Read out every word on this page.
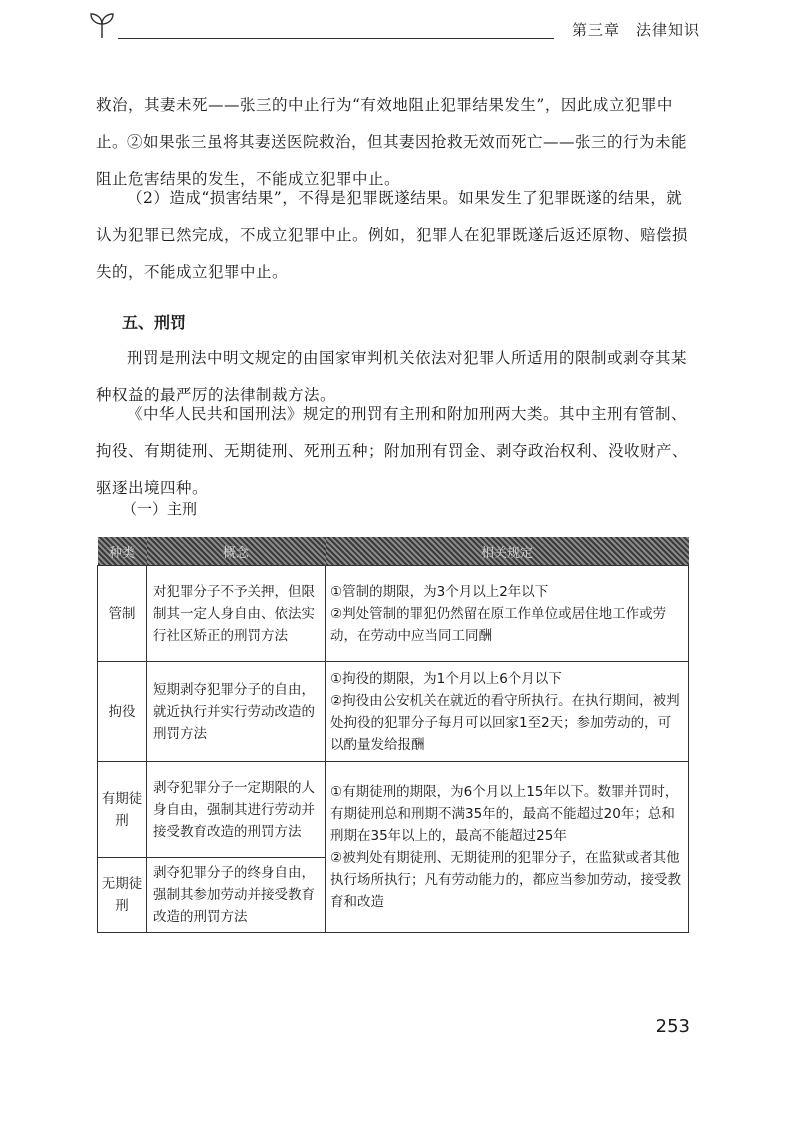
第三章　法律知识

救治，其妻未死——张三的中止行为“有效地阻止犯罪结果发生”，因此成立犯罪中止。

②如果张三虽将其妻送医院救治，但其妻因抢救无效而死亡——张三的行为未能阻止危害结果的发生，不能成立犯罪中止。

（2）造成“损害结果”，不得是犯罪既遂结果。如果发生了犯罪既遂的结果，就认为犯罪已然完成，不成立犯罪中止。例如，犯罪人在犯罪既遂后返还原物、赔偿损失的，不能成立犯罪中止。

五、刑罚

刑罚是刑法中明文规定的由国家审判机关依法对犯罪人所适用的限制或剥夺其某种权益的最严厉的法律制裁方法。

《中华人民共和国刑法》规定的刑罚有主刑和附加刑两大类。其中主刑有管制、拘役、有期徒刑、无期徒刑、死刑五种；附加刑有罚金、剥夺政治权利、没收财产、驱逐出境四种。

（一）主刑
种类	概念	相关规定
管制	对犯罪分子不予关押，但限制其一定人身自由、依法实行社区矫正的刑罚方法	①管制的期限，为3个月以上2年以下
②判处管制的罪犯仍然留在原工作单位或居住地工作或劳动，在劳动中应当同工同酬

拘役	短期剥夺犯罪分子的自由，就近执行并实行劳动改造的刑罚方法	①拘役的期限，为1个月以上6个月以下
②拘役由公安机关在就近的看守所执行。在执行期间，被判处拘役的犯罪分子每月可以回家1至2天；参加劳动的，可以酌量发给报酬

有期徒刑	剥夺犯罪分子一定期限的人身自由，强制其进行劳动并接受教育改造的刑罚方法	①有期徒刑的期限，为6个月以上15年以下。数罪并罚时，有期徒刑总和刑期不满35年的，最高不能超过20年；总和刑期在35年以上的，最高不能超过25年
②被判处有期徒刑、无期徒刑的犯罪分子，在监狱或者其他执行场所执行；凡有劳动能力的，都应当参加劳动，接受教育和改造

无期徒刑	剥夺犯罪分子的终身自由，强制其参加劳动并接受教育改造的刑罚方法	
253
